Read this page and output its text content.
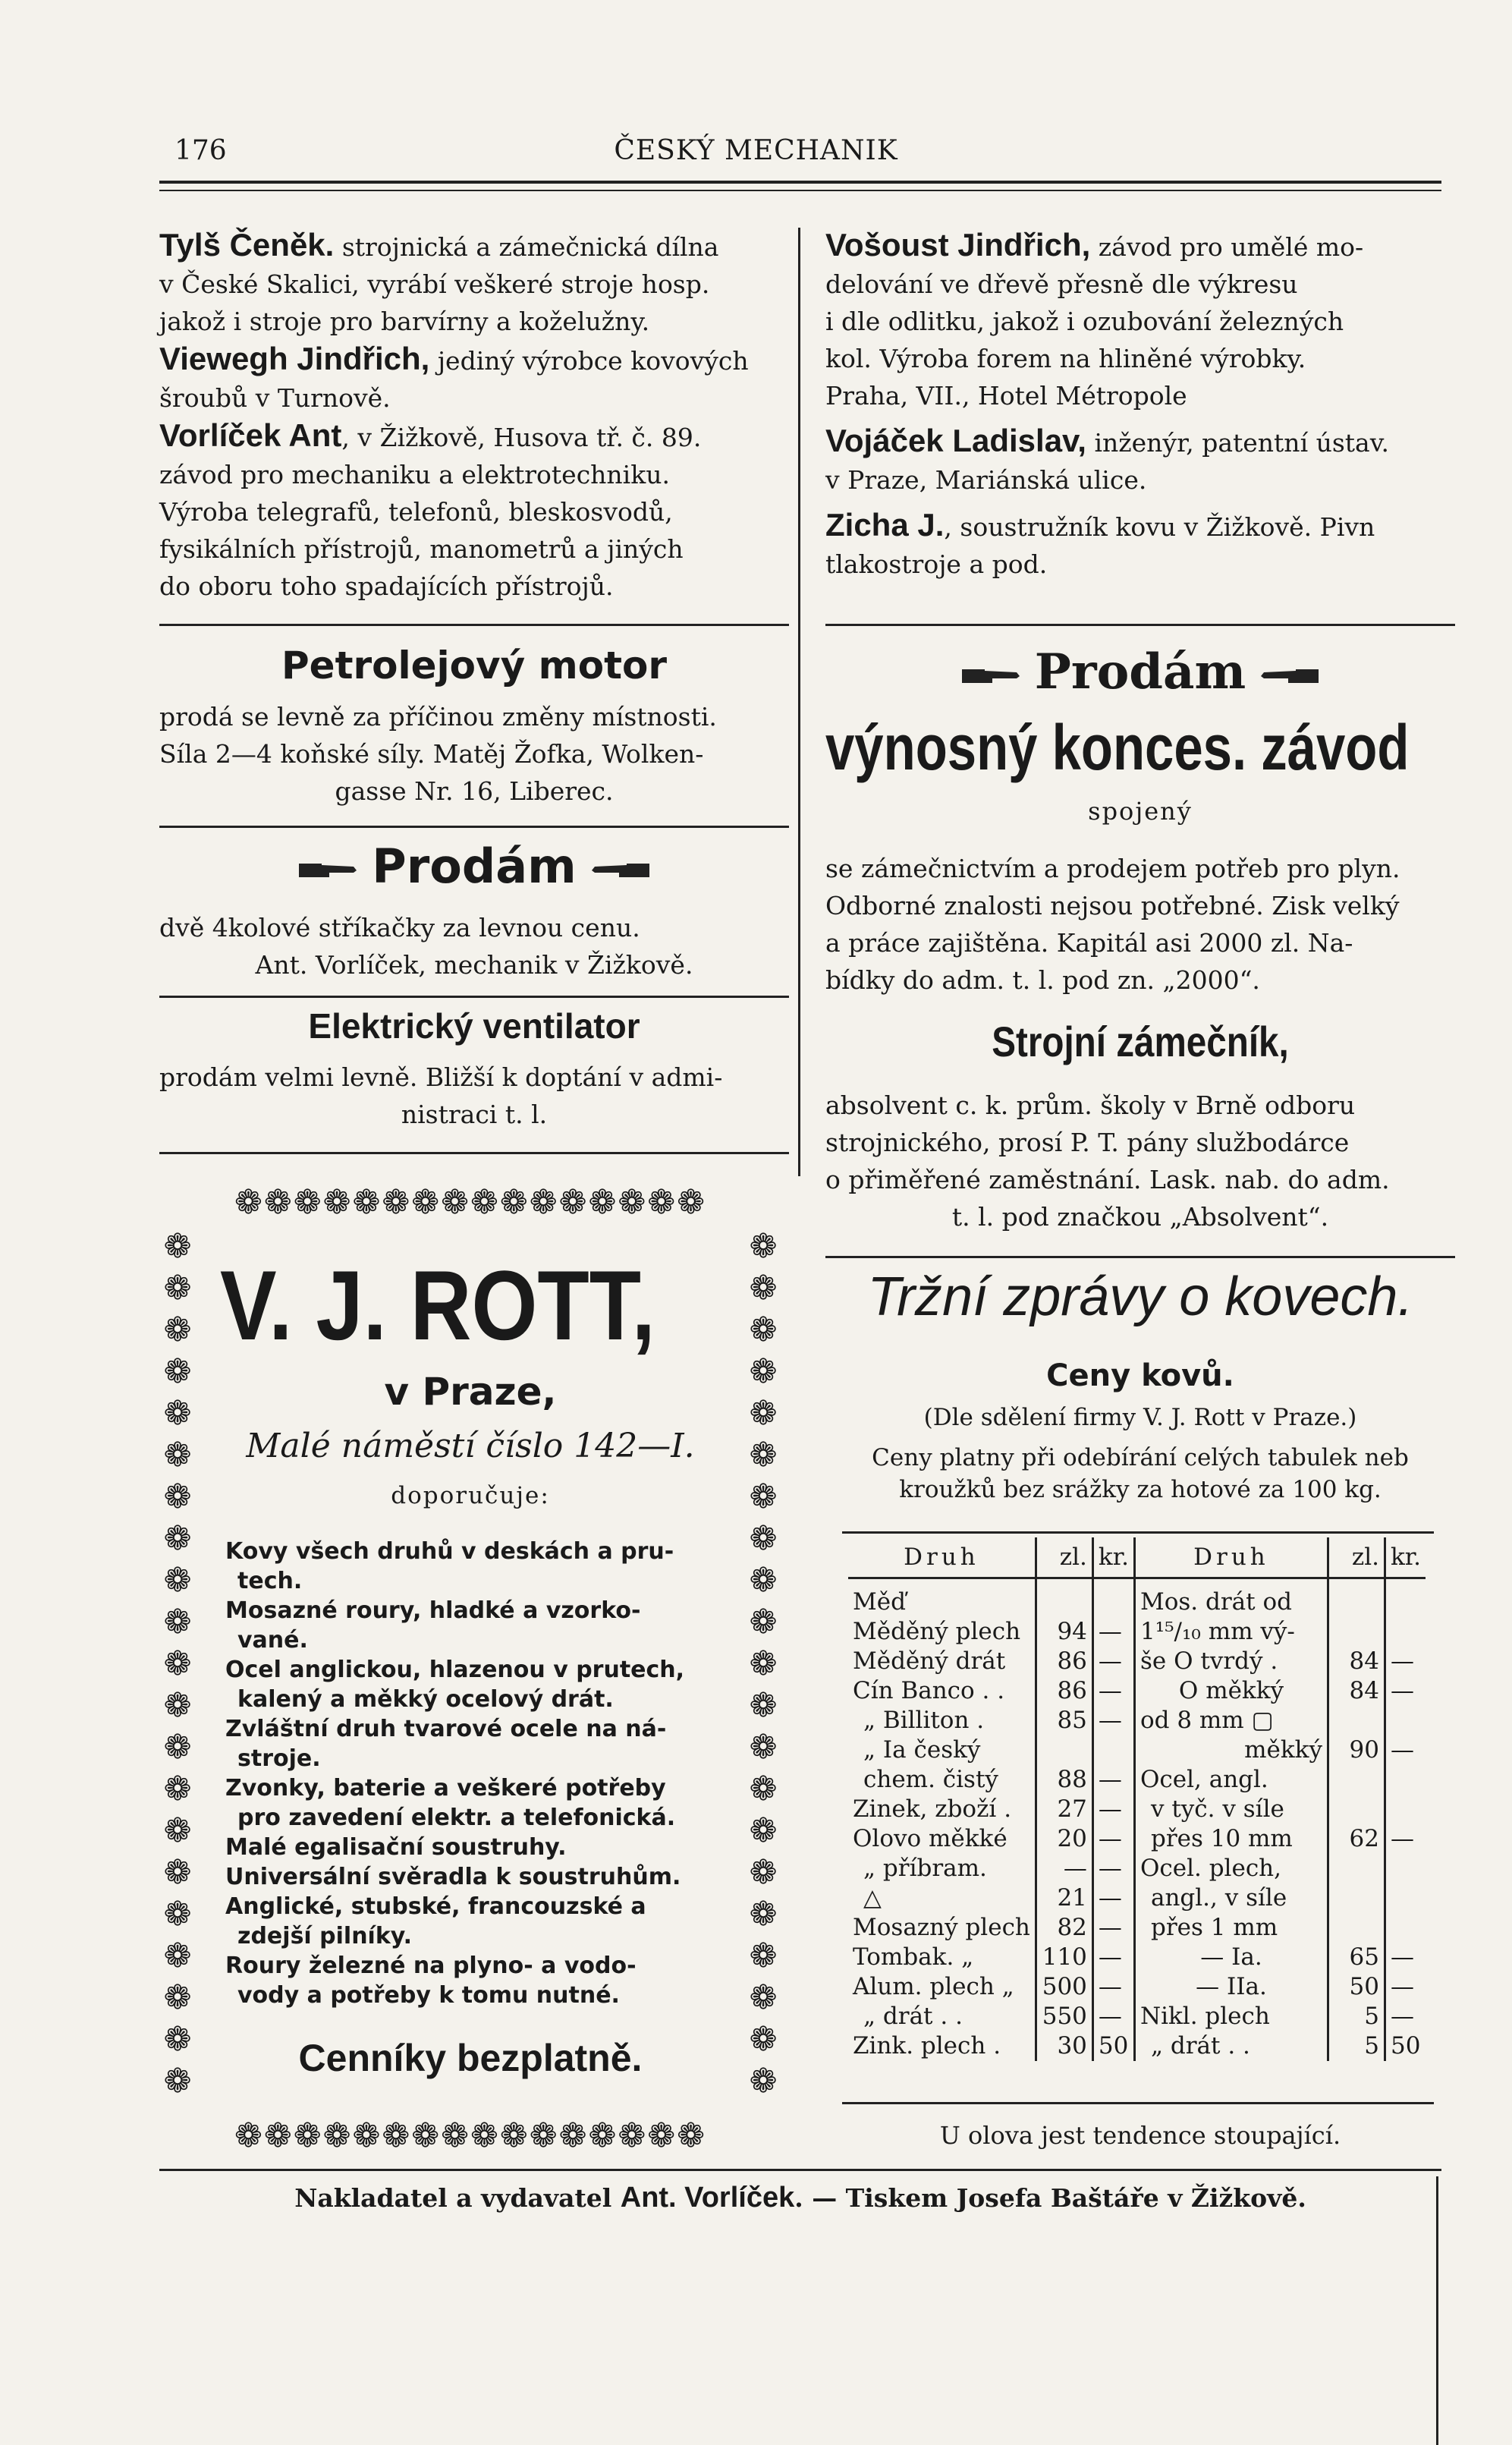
176	ČESKÝ MECHANIK
Tylš Čeněk. strojnická a zámečnická dílna
v České Skalici, vyrábí veškeré stroje hosp.
jakož i stroje pro barvírny a koželužny.
Viewegh Jindřich, jediný výrobce kovových
šroubů v Turnově.
Vorlíček Ant, v Žižkově, Husova tř. č. 89.
závod pro mechaniku a elektrotechniku.
Výroba telegrafů, telefonů, bleskosvodů,
fysikálních přístrojů, manometrů a jiných
do oboru toho spadajících přístrojů.
Vošoust Jindřich, závod pro umělé mo-
delování ve dřevě přesně dle výkresu
i dle odlitku, jakož i ozubování železných
kol. Výroba forem na hliněné výrobky.
Praha, VII., Hotel Métropole
Vojáček Ladislav, inženýr, patentní ústav.
v Praze, Mariánská ulice.
Zicha J., soustružník kovu v Žižkově. Pivn
tlakostroje a pod.
Petrolejový motor
prodá se levně za příčinou změny místnosti.
Síla 2—4 koňské síly. Matěj Žofka, Wolken-
gasse Nr. 16, Liberec.
Prodám
dvě 4kolové stříkačky za levnou cenu.
Ant. Vorlíček, mechanik v Žižkově.
Elektrický ventilator
prodám velmi levně. Bližší k doptání v admi-
nistraci t. l.
❁❁❁❁❁❁❁❁❁❁❁❁❁❁❁❁
❁❁❁❁❁❁❁❁❁❁❁❁❁❁❁❁
❁
❁
❁
❁
❁
❁
❁
❁
❁
❁
❁
❁
❁
❁
❁
❁
❁
❁
❁
❁
❁
❁
❁
❁
❁
❁
❁
❁
❁
❁
❁
❁
❁
❁
❁
❁
❁
❁
❁
❁
❁
❁
V. J. ROTT,
v Praze,
Malé náměstí číslo 142—I.
doporučuje:
Kovy všech druhů v deskách a pru-
tech.
Mosazné roury, hladké a vzorko-
vané.
Ocel anglickou, hlazenou v prutech,
kalený a měkký ocelový drát.
Zvláštní druh tvarové ocele na ná-
stroje.
Zvonky, baterie a veškeré potřeby
pro zavedení elektr. a telefonická.
Malé egalisační soustruhy.
Universální svěradla k soustruhům.
Anglické, stubské, francouzské a
zdejší pilníky.
Roury železné na plyno- a vodo-
vody a potřeby k tomu nutné.
Cenníky bezplatně.
Prodám
výnosný konces. závod
spojený
se zámečnictvím a prodejem potřeb pro plyn.
Odborné znalosti nejsou potřebné. Zisk velký
a práce zajištěna. Kapitál asi 2000 zl. Na-
bídky do adm. t. l. pod zn. „2000“.
Strojní zámečník,
absolvent c. k. prům. školy v Brně odboru
strojnického, prosí P. T. pány službodárce
o přiměřené zaměstnání. Lask. nab. do adm.
t. l. pod značkou „Absolvent“.
Tržní zprávy o kovech.
Ceny kovů.
(Dle sdělení firmy V. J. Rott v Praze.)
Ceny platny při odebírání celých tabulek neb
kroužků bez srážky za hotové za 100 kg.
Druh	zl.	kr.	Druh	zl.	kr.

Měď			Mos. drát od		
Měděný plech	94	—	1¹⁵/₁₀ mm vý-		
Měděný drát	86	—	še O tvrdý .	84	—
Cín Banco . .	86	—	O měkký	84	—
„ Billiton .	85	—	od 8 mm ▢		
„ Ia český			měkký	90	—
chem. čistý	88	—	Ocel, angl.		
Zinek, zboží .	27	—	v tyč. v síle		
Olovo měkké	20	—	přes 10 mm	62	—
„ příbram.	—	—	Ocel. plech,		
△	21	—	angl., v síle		
Mosazný plech	82	—	přes 1 mm		
Tombak. „	110	—	— Ia.	65	—
Alum. plech „	500	—	— IIa.	50	—
„ drát . .	550	—	Nikl. plech	5	—
Zink. plech .	30	50	„ drát . .	5	50
U olova jest tendence stoupající.
Nakladatel a vydavatel Ant. Vorlíček. — Tiskem Josefa Baštáře v Žižkově.
